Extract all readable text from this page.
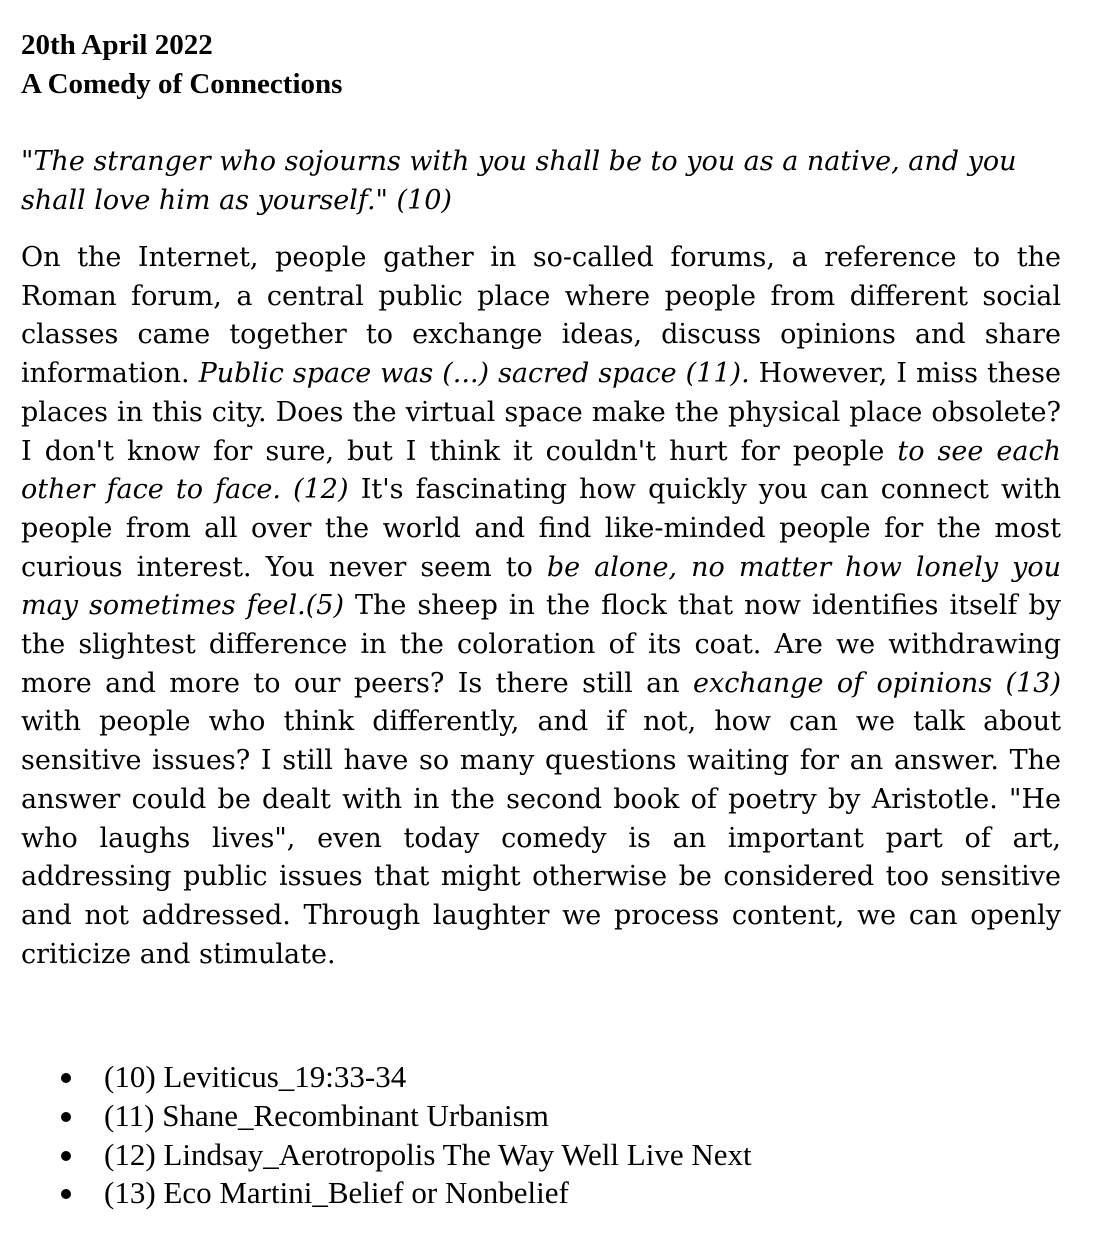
20th April 2022
A Comedy of Connections

"The stranger who sojourns with you shall be to you as a native, and you shall love him as yourself." (10)

On the Internet, people gather in so-called forums, a reference to the Roman forum, a central public place where people from different social classes came together to exchange ideas, discuss opinions and share information. Public space was (...) sacred space (11). However, I miss these places in this city. Does the virtual space make the physical place obsolete? I don't know for sure, but I think it couldn't hurt for people to see each other face to face. (12) It's fascinating how quickly you can connect with people from all over the world and find like-minded people for the most curious interest. You never seem to be alone, no matter how lonely you may sometimes feel.(5) The sheep in the flock that now identifies itself by the slightest difference in the coloration of its coat. Are we withdrawing more and more to our peers? Is there still an exchange of opinions (13) with people who think differently, and if not, how can we talk about sensitive issues? I still have so many questions waiting for an answer. The answer could be dealt with in the second book of poetry by Aristotle. "He who laughs lives", even today comedy is an important part of art, addressing public issues that might otherwise be considered too sensitive and not addressed. Through laughter we process content, we can openly criticize and stimulate.

(10) Leviticus_19:33-34
(11) Shane_Recombinant Urbanism
(12) Lindsay_Aerotropolis The Way Well Live Next
(13) Eco Martini_Belief or Nonbelief
